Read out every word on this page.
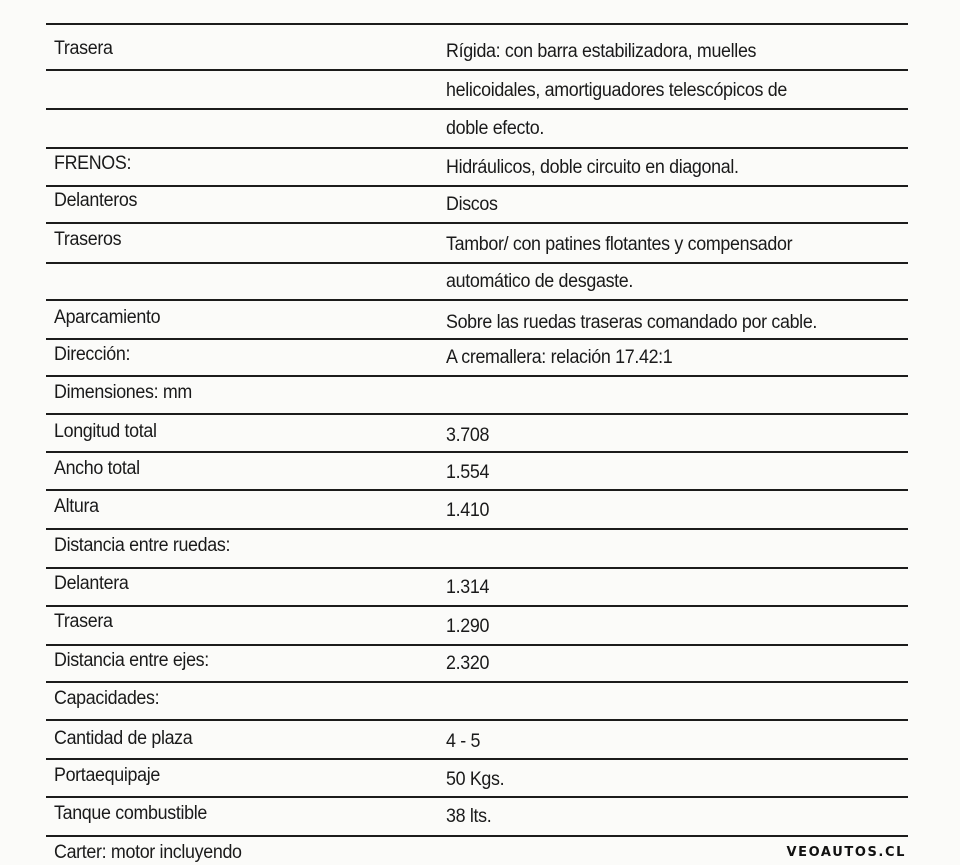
Trasera	Rígida: con barra estabilizadora, muelles
helicoidales, amortiguadores telescópicos de
doble efecto.
FRENOS:	Hidráulicos, doble circuito en diagonal.
Delanteros	Discos
Traseros	Tambor/ con patines flotantes y compensador
automático de desgaste.
Aparcamiento	Sobre las ruedas traseras comandado por cable.
Dirección:	A cremallera: relación 17.42:1
Dimensiones: mm
Longitud total	3.708
Ancho total	1.554
Altura	1.410
Distancia entre ruedas:
Delantera	1.314
Trasera	1.290
Distancia entre ejes:	2.320
Capacidades:
Cantidad de plaza	4 - 5
Portaequipaje	50 Kgs.
Tanque combustible	38 lts.
Carter: motor incluyendo	VEOAUTOS.CL
